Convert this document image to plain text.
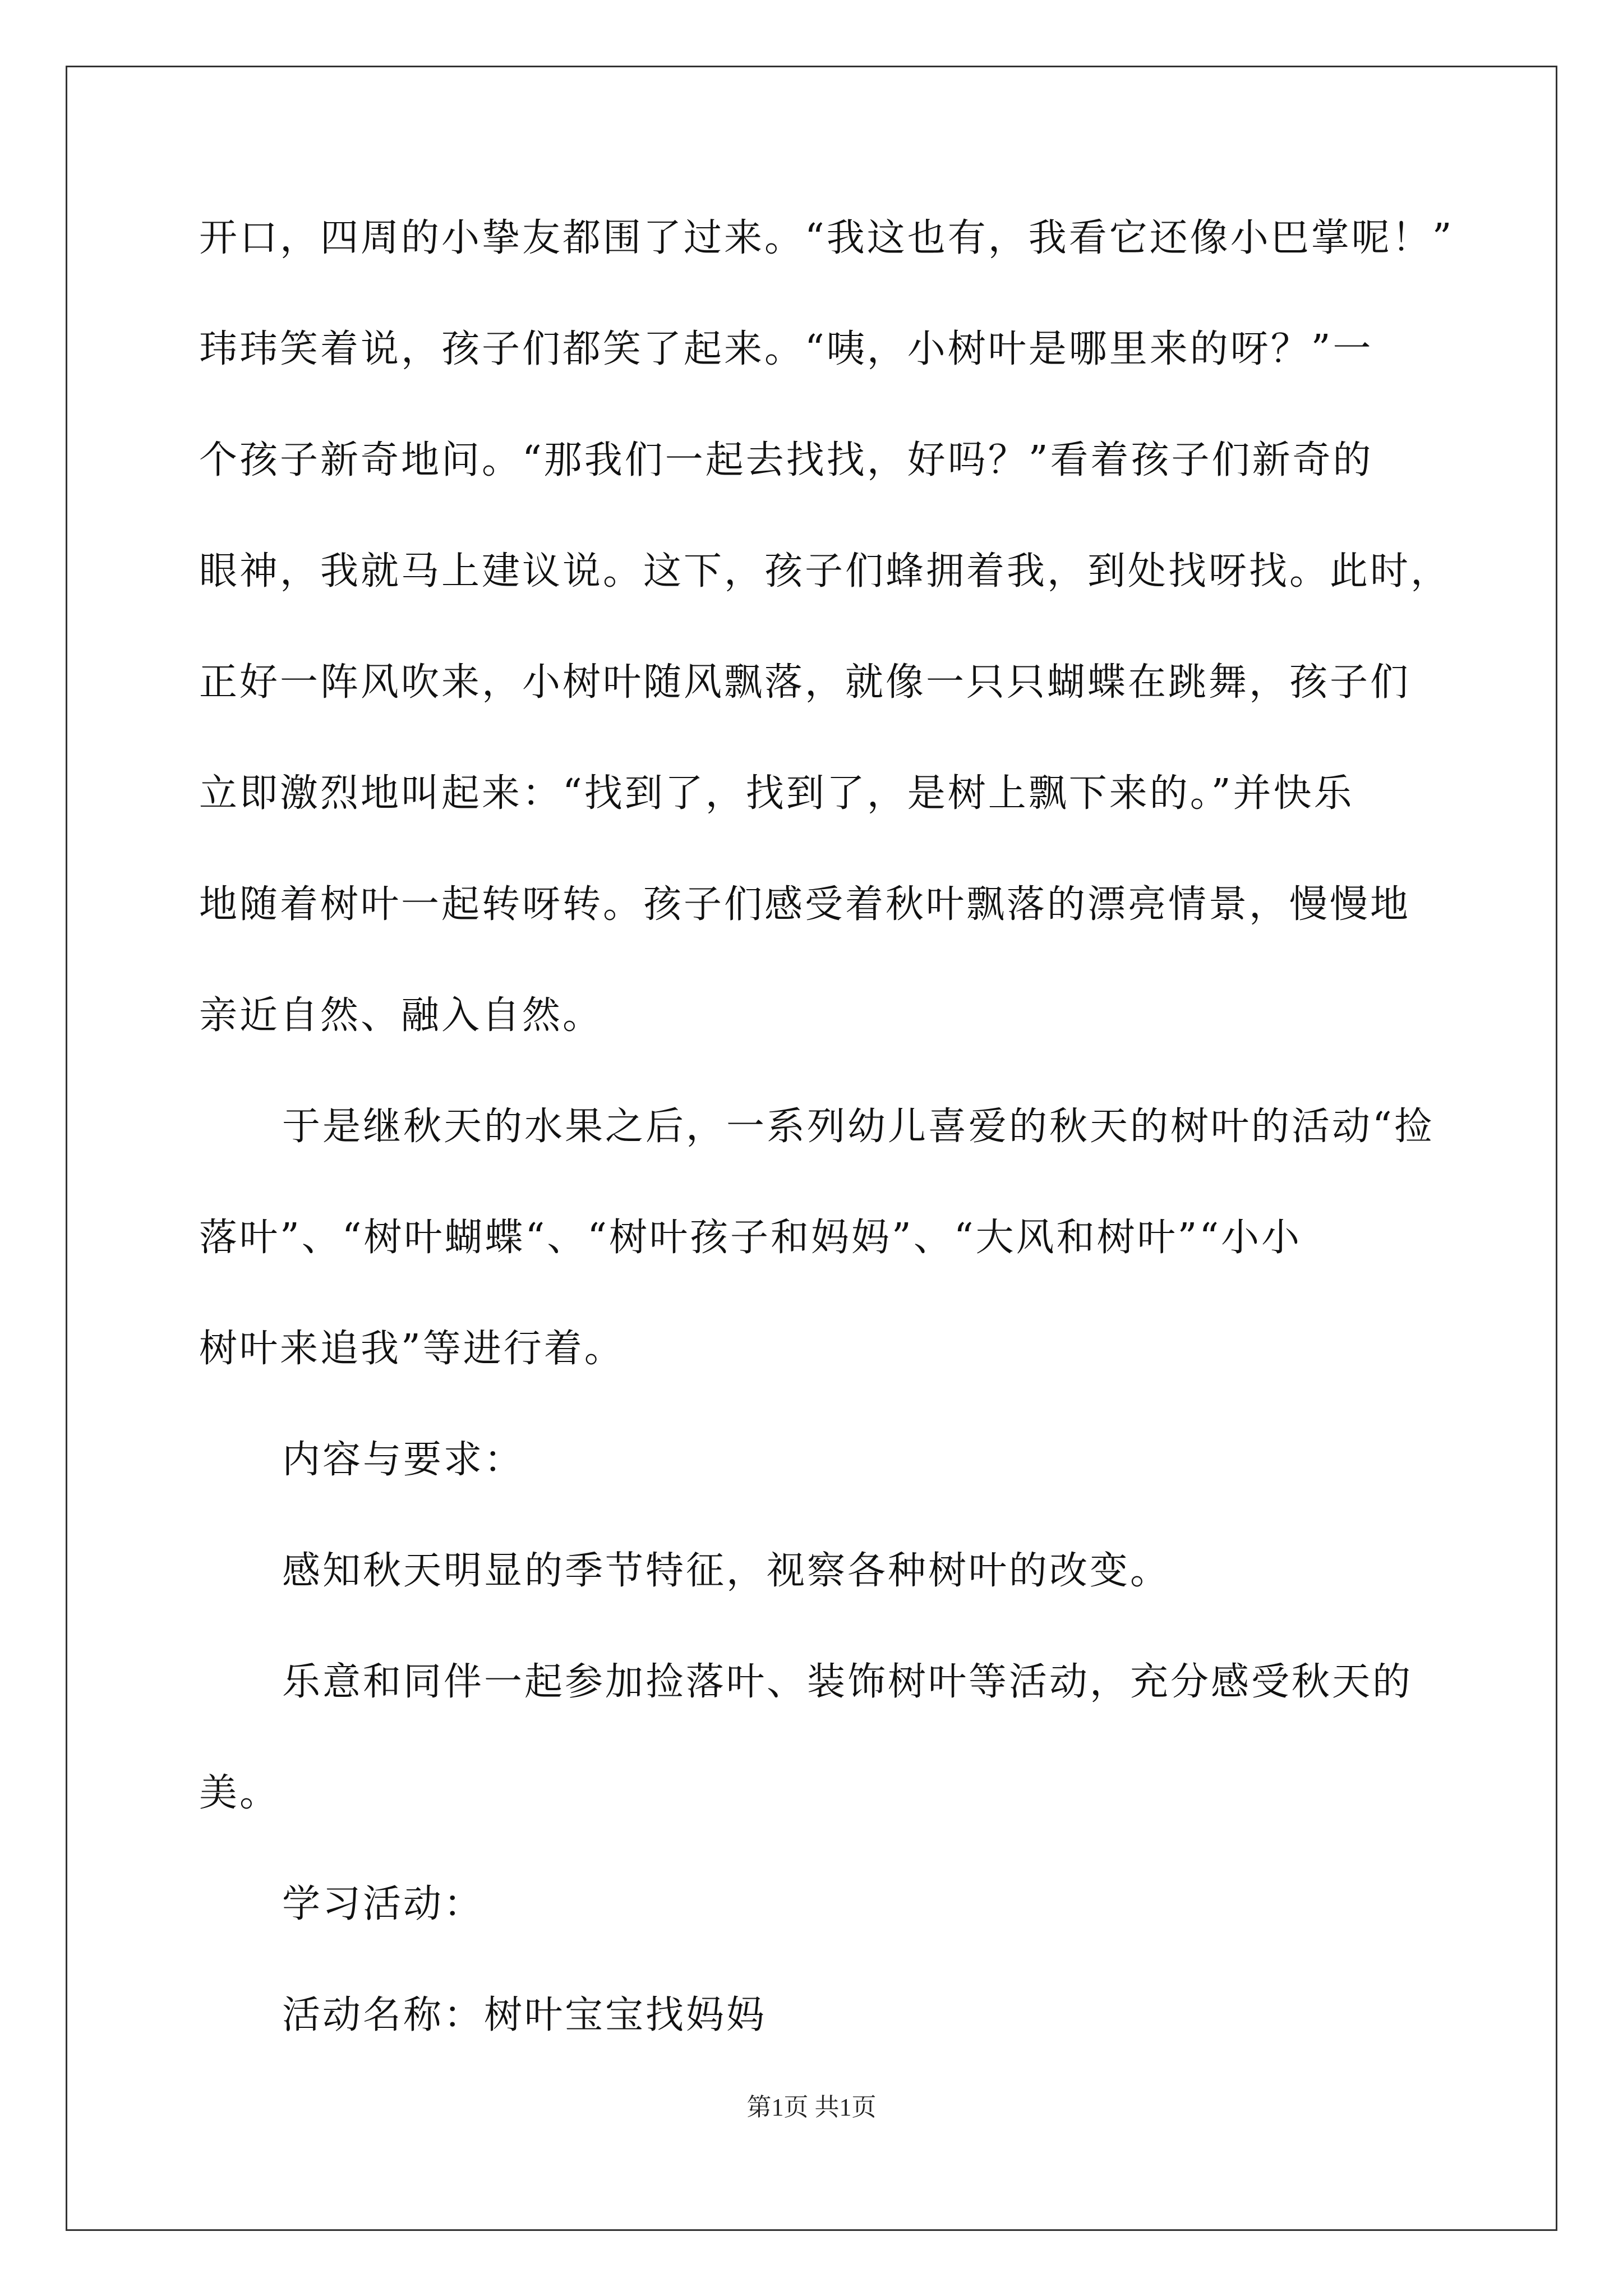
开口，四周的小挚友都围了过来。“我这也有，我看它还像小巴掌呢！”
玮玮笑着说，孩子们都笑了起来。“咦，小树叶是哪里来的呀？”一
个孩子新奇地问。“那我们一起去找找，好吗？”看着孩子们新奇的
眼神，我就马上建议说。这下，孩子们蜂拥着我，到处找呀找。此时，
正好一阵风吹来，小树叶随风飘落，就像一只只蝴蝶在跳舞，孩子们
立即激烈地叫起来：“找到了，找到了，是树上飘下来的。”并快乐
地随着树叶一起转呀转。孩子们感受着秋叶飘落的漂亮情景，慢慢地
亲近自然、融入自然。
于是继秋天的水果之后，一系列幼儿喜爱的秋天的树叶的活动“捡
落叶”、“树叶蝴蝶“、“树叶孩子和妈妈”、“大风和树叶”“小小
树叶来追我”等进行着。
内容与要求：
感知秋天明显的季节特征，视察各种树叶的改变。
乐意和同伴一起参加捡落叶、装饰树叶等活动，充分感受秋天的
美。
学习活动：
活动名称：树叶宝宝找妈妈
第1页 共1页
